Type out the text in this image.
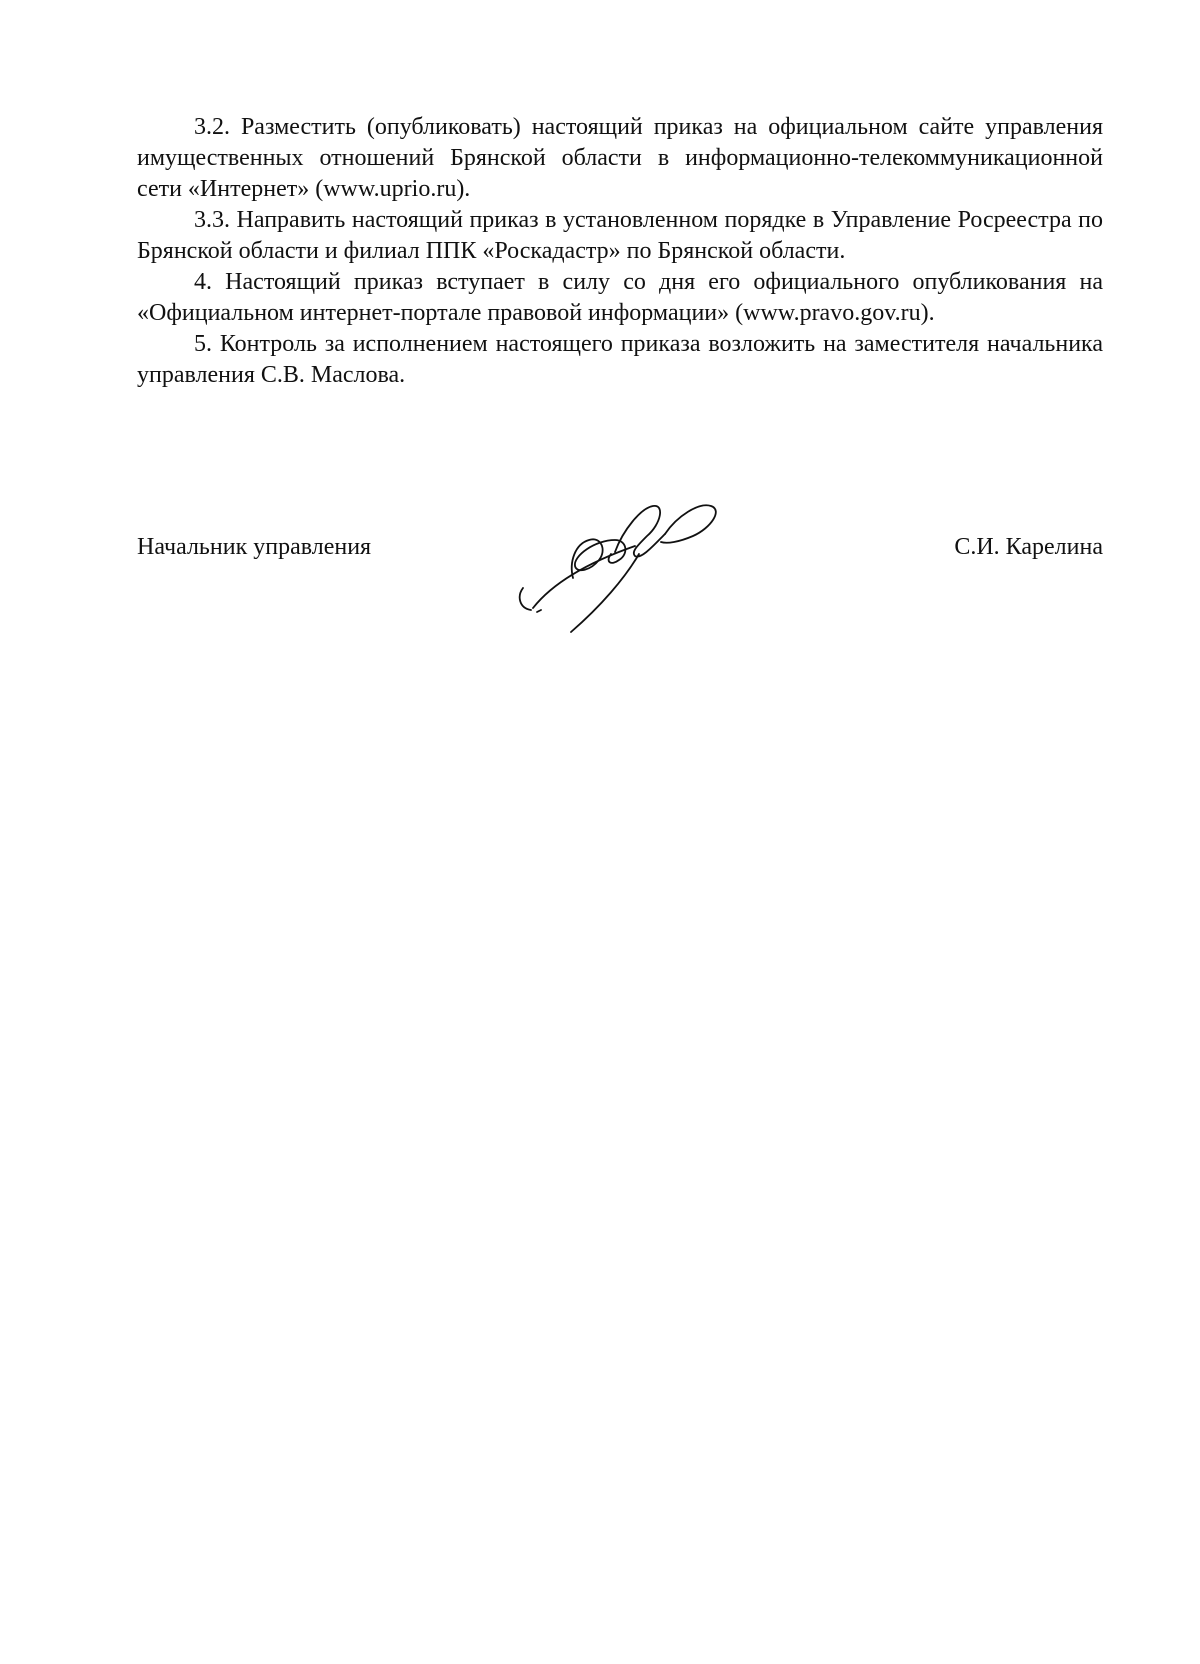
3.2. Разместить (опубликовать) настоящий приказ на официальном сайте управления имущественных отношений Брянской области в информационно-телекоммуникационной сети «Интернет» (www.uprio.ru).

3.3. Направить настоящий приказ в установленном порядке в Управление Росреестра по Брянской области и филиал ППК «Роскадастр» по Брянской области.

4. Настоящий приказ вступает в силу со дня его официального опубликования на «Официальном интернет-портале правовой информации» (www.pravo.gov.ru).

5. Контроль за исполнением настоящего приказа возложить на заместителя начальника управления С.В. Маслова.

Начальник управления	С.И. Карелина
